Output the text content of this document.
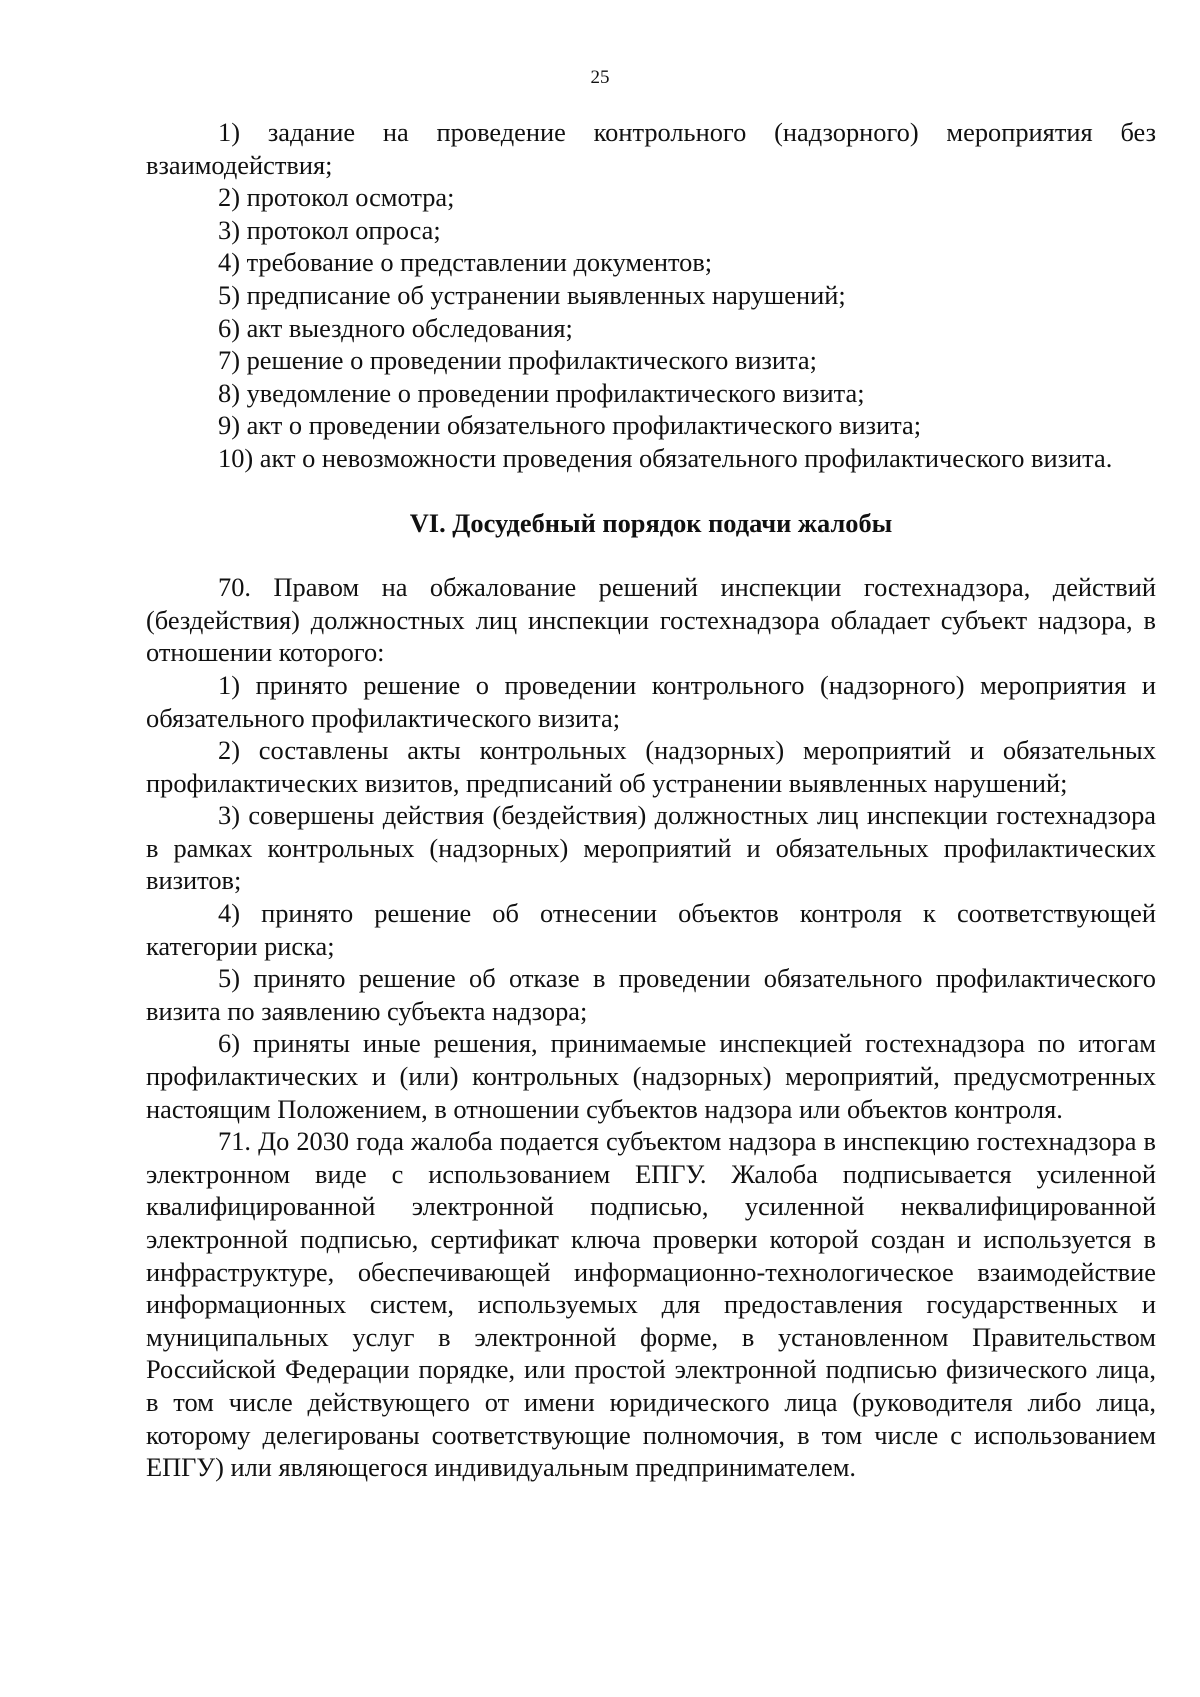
25

1) задание на проведение контрольного (надзорного) мероприятия без взаимодействия;

2) протокол осмотра;

3) протокол опроса;

4) требование о представлении документов;

5) предписание об устранении выявленных нарушений;

6) акт выездного обследования;

7) решение о проведении профилактического визита;

8) уведомление о проведении профилактического визита;

9) акт о проведении обязательного профилактического визита;

10) акт о невозможности проведения обязательного профилактического визита.

VI. Досудебный порядок подачи жалобы

70. Правом на обжалование решений инспекции гостехнадзора, действий (бездействия) должностных лиц инспекции гостехнадзора обладает субъект надзора, в отношении которого:

1) принято решение о проведении контрольного (надзорного) мероприятия и обязательного профилактического визита;

2) составлены акты контрольных (надзорных) мероприятий и обязательных профилактических визитов, предписаний об устранении выявленных нарушений;

3) совершены действия (бездействия) должностных лиц инспекции гостехнадзора в рамках контрольных (надзорных) мероприятий и обязательных профилактических визитов;

4) принято решение об отнесении объектов контроля к соответствующей категории риска;

5) принято решение об отказе в проведении обязательного профилактического визита по заявлению субъекта надзора;

6) приняты иные решения, принимаемые инспекцией гостехнадзора по итогам профилактических и (или) контрольных (надзорных) мероприятий, предусмотренных настоящим Положением, в отношении субъектов надзора или объектов контроля.

71. До 2030 года жалоба подается субъектом надзора в инспекцию гостехнадзора в электронном виде с использованием ЕПГУ. Жалоба подписывается усиленной квалифицированной электронной подписью, усиленной неквалифицированной электронной подписью, сертификат ключа проверки которой создан и используется в инфраструктуре, обеспечивающей информационно-технологическое взаимодействие информационных систем, используемых для предоставления государственных и муниципальных услуг в электронной форме, в установленном Правительством Российской Федерации порядке, или простой электронной подписью физического лица, в том числе действующего от имени юридического лица (руководителя либо лица, которому делегированы соответствующие полномочия, в том числе с использованием ЕПГУ) или являющегося индивидуальным предпринимателем.
